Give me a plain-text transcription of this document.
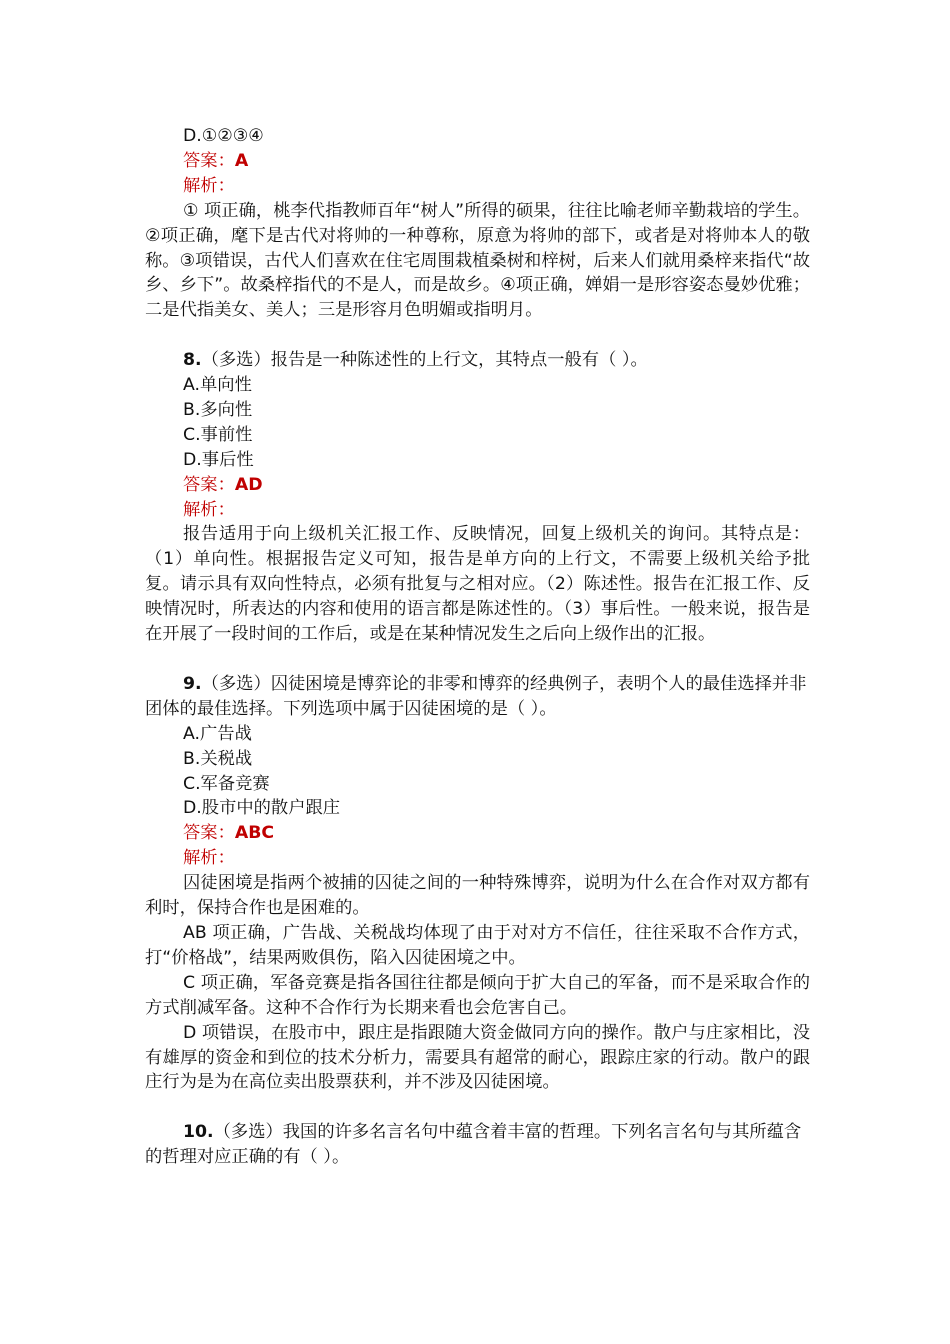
D.①②③④
答案：A
解析：
① 项正确，桃李代指教师百年“树人”所得的硕果，往往比喻老师辛勤栽培的学生。②项正确，麾下是古代对将帅的一种尊称，原意为将帅的部下，或者是对将帅本人的敬称。③项错误，古代人们喜欢在住宅周围栽植桑树和梓树，后来人们就用桑梓来指代“故乡、乡下”。故桑梓指代的不是人，而是故乡。④项正确，婵娟一是形容姿态曼妙优雅；二是代指美女、美人；三是形容月色明媚或指明月。
8.（多选）报告是一种陈述性的上行文，其特点一般有（ ）。
A.单向性
B.多向性
C.事前性
D.事后性
答案：AD
解析：
报告适用于向上级机关汇报工作、反映情况，回复上级机关的询问。其特点是：（1）单向性。根据报告定义可知，报告是单方向的上行文，不需要上级机关给予批复。请示具有双向性特点，必须有批复与之相对应。（2）陈述性。报告在汇报工作、反映情况时，所表达的内容和使用的语言都是陈述性的。（3）事后性。一般来说，报告是在开展了一段时间的工作后，或是在某种情况发生之后向上级作出的汇报。
9.（多选）囚徒困境是博弈论的非零和博弈的经典例子，表明个人的最佳选择并非团体的最佳选择。下列选项中属于囚徒困境的是（ ）。
A.广告战
B.关税战
C.军备竞赛
D.股市中的散户跟庄
答案：ABC
解析：
囚徒困境是指两个被捕的囚徒之间的一种特殊博弈，说明为什么在合作对双方都有利时，保持合作也是困难的。
AB 项正确，广告战、关税战均体现了由于对对方不信任，往往采取不合作方式，打“价格战”，结果两败俱伤，陷入囚徒困境之中。
C 项正确，军备竞赛是指各国往往都是倾向于扩大自己的军备，而不是采取合作的方式削减军备。这种不合作行为长期来看也会危害自己。
D 项错误，在股市中，跟庄是指跟随大资金做同方向的操作。散户与庄家相比，没有雄厚的资金和到位的技术分析力，需要具有超常的耐心，跟踪庄家的行动。散户的跟庄行为是为在高位卖出股票获利，并不涉及囚徒困境。
10.（多选）我国的许多名言名句中蕴含着丰富的哲理。下列名言名句与其所蕴含的哲理对应正确的有（ ）。
